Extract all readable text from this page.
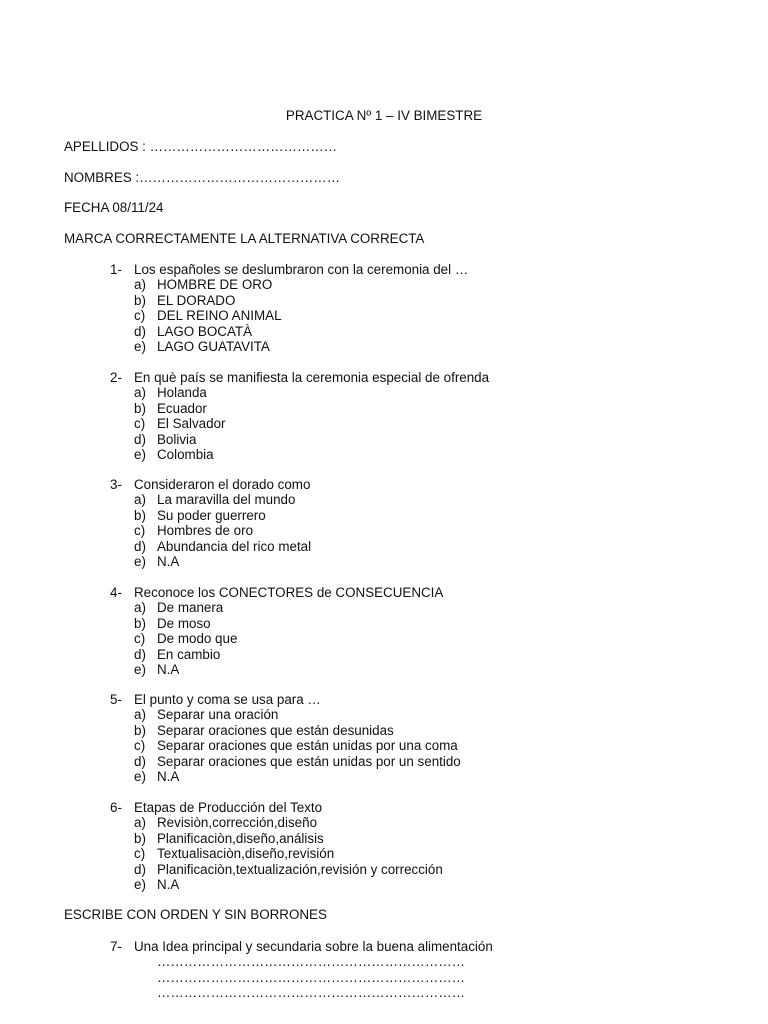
PRACTICA Nº 1 – IV BIMESTRE
APELLIDOS : ……………………………………
NOMBRES :………………………………………
FECHA 08/11/24
MARCA CORRECTAMENTE LA ALTERNATIVA CORRECTA
1- Los españoles se deslumbraron con la ceremonia del …
a) HOMBRE DE ORO
b) EL DORADO
c) DEL REINO ANIMAL
d) LAGO BOCATÀ
e) LAGO GUATAVITA
2- En què país se manifiesta la ceremonia especial de ofrenda
a) Holanda
b) Ecuador
c) El Salvador
d) Bolivia
e) Colombia
3- Consideraron el dorado como
a) La maravilla del mundo
b) Su poder guerrero
c) Hombres de oro
d) Abundancia del rico metal
e) N.A
4- Reconoce los CONECTORES de CONSECUENCIA
a) De manera
b) De moso
c) De modo que
d) En cambio
e) N.A
5- El punto y coma se usa para …
a) Separar una oración
b) Separar oraciones que están desunidas
c) Separar oraciones que están unidas por una coma
d) Separar oraciones que están unidas por un sentido
e) N.A
6- Etapas de Producción del Texto
a) Revisiòn,corrección,diseño
b) Planificaciòn,diseño,análisis
c) Textualisaciòn,diseño,revisión
d) Planificaciòn,textualización,revisión y corrección
e) N.A
ESCRIBE CON ORDEN Y SIN BORRONES
7- Una Idea principal y secundaria sobre la buena alimentación
……………………………………………………………
……………………………………………………………
……………………………………………………………
